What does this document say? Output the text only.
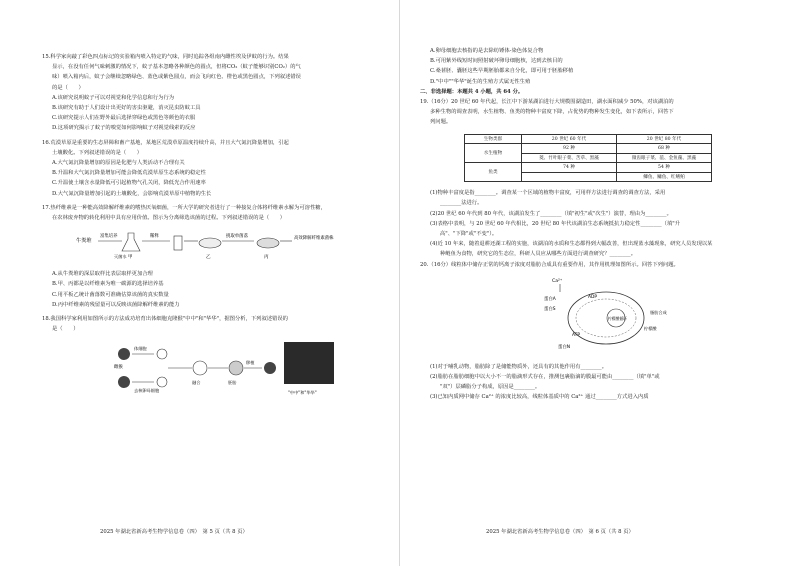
15.科学家向敲了彩色四点标记的实验箱内喷入特定的气味，同时追踪各组南内雌性埃及伊蚊的行为。结果

显示，在没有任何气味刺激的情况下，蚊子基本忽略各种颜色的圆点，但将CO₂（蚊子能够识别CO₂）的气

味）喷入箱内后，蚊子会继续忽略绿色、蓝色或紫色圆点，而会飞向红色、橙色或黑色圆点，下列叙述错误

的是（　　）

A.该研究说明蚊子可以对视觉和化学信息和行为行为

B.该研究有助于人们设计出更好的害虫驱避，消灭昆虫防蚊工具

C.该研究提示人们在野外最后选择穿绿色或黑色等颜色的衣服

D.这项研究揭示了蚊子的嗅觉如何影响蚊子对视觉线索的反应

16.荒漠草原是重要的生态屏障和畜产基地，某地区荒漠草原温度持续升高，并且大气氮沉降量增加，引起

土壤酸化。下列叙述错误的是（　　）

A.大气氮沉降量增加的原因是化肥与人类活动不合理有关

B.升温和大气氮沉降量增加可能会降低荒漠草原生态系统的稳定性

C.升温使土壤含水量降低可引起植物气孔关闭，降低光合作用速率

D.大气氮沉降量增加引起的土壤酸化，会影响荒漠草原中植物的生长

17.热纤维素是一种能高效降解纤维素的嗜热厌氧细菌，一所大学的研究者进行了一种接复合体将纤维素水解为可溶性糖，

在农林废弃物的转化利用中具有应用价值。图示为分离筛选该菌的过程。下列叙述错误的是（　　）

牛粪堆
富集培养
甲
灭菌水
稀释
乙
挑取单菌落
丙
高效降解纤维素菌株

A.从牛粪堆的深层取样比表层取样更加合理

B.甲、丙都是以纤维素为唯一碳源的选择培养基

C.用平板乙统计菌落数可准确估算该菌的真实数量

D.丙中纤维素的残留量可以反映该菌降解纤维素的能力

18.我国科学家利用如图所示的方法成功培育出体细胞克隆猴"中中"和"华华"，据图分析，下列叙述错误的

是（　　）

雌猴
体细胞
去核卵母细胞
融合	胚胎
移植
"中中"和"华华"
2025 年湖北省新高考生物学信息卷（四）　第 5 页（共 8 页）

A.卵母细胞去核指的是去除纺锤体-染色体复合物

B.可用紫外线短时间照射破坏卵母细胞核，达到去核目的

C.桑葚胚、囊胚这些早期胚胎都来自分化，即可用于胚胎移植

D."中中""华华"诞生的生殖方式属无性生殖

二、非选择题：本题共 4 小题，共 64 分。

19.（16分）20 世纪 60 年代起，长江中下游某湖泊进行大规模围湖造田，湖水面积减少 50%，对该湖泊的

多种生物的调查表明，水生植物、鱼类的物种丰富度下降，占优势的物种发生变化，如下表所示，回答下

列问题。

生物类群	20 世纪 60 年代	20 世纪 80 年代
水生植物	92 种	68 种
	菱、竹叶眼子菜、苦草、黑藻	微齿眼子菜、菹、金鱼藻、黑藻
鱼类	74 种	54 种
		鲫鱼、鳙鱼、红鳍鲌

(1)物种丰富度是指________。调查某一个区域的植物丰富度，可用样方法进行调查的调查方法，采用

________法进行。

(2)20 世纪 60 年代到 80 年代，该湖泊发生了________（填"初生"或"次生"）演替，理由为________。

(3)表格中表明，与 20 世纪 60 年代相比，20 世纪 80 年代该湖泊生态系统抵抗力稳定性________（填"升

高"、"下降"或"不变"）。

(4)近 10 年来，随着退耕还湖工程的实施，该湖泊的水质和生态都得到大幅改善，但出现蓝水藻现象，研究人员发现以某

种鲢鱼为食物，研究它的生态位，科研人员应从哪些方面进行调查研究？________。

20.（16分）线粒体中储存正常的钙离子浓度对脂肪合成具有重要作用，其作用机理如图所示。回答下列问题。

Ca²⁺
蛋白A
蛋白S
ADP
ATP
柠檬酸循环
蛋白N
脂肪合成
柠檬酸

(1)对于哺乳动物，脂肪除了是储能物质外，还具有的其他作用有________。

(2)脂肪在脂肪细胞中以大小不一的脂滴形式存在，推测包裹脂滴的膜最可能由________（填"单"或

"双"）层磷脂分子构成，原因是________。

(3)已知内质网中储存 Ca²⁺ 的浓度比较高，线粒体基质中的 Ca²⁺ 通过________方式进入内质

2025 年湖北省新高考生物学信息卷（四）　第 6 页（共 8 页）
